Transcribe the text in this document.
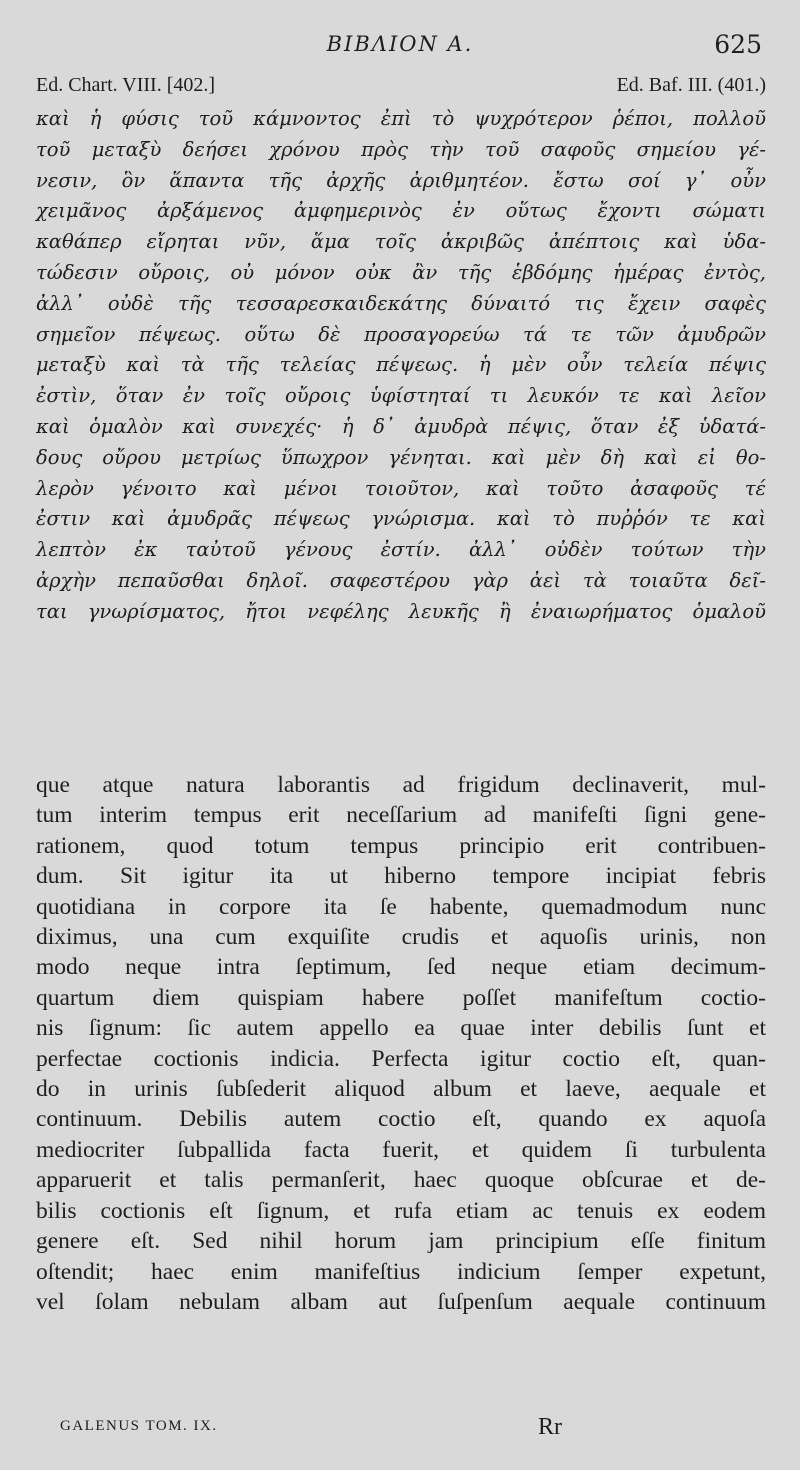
BIBΛION A.	625
Ed. Chart. VIII. [402.]	Ed. Baf. III. (401.)

καὶ ἡ φύσις τοῦ κάμνοντος ἐπὶ τὸ ψυχρότερον ῥέποι, πολλοῦ
τοῦ μεταξὺ δεήσει χρόνου πρὸς τὴν τοῦ σαφοῦς σημείου γέ-
νεσιν, ὃν ἅπαντα τῆς ἀρχῆς ἀριθμητέον. ἔστω σοί γ᾽ οὖν
χειμᾶνος ἀρξάμενος ἀμφημερινὸς ἐν οὕτως ἔχοντι σώματι
καθάπερ εἴρηται νῦν, ἅμα τοῖς ἀκριβῶς ἀπέπτοις καὶ ὑδα-
τώδεσιν οὔροις, οὐ μόνον οὐκ ἂν τῆς ἑβδόμης ἡμέρας ἐντὸς,
ἀλλ᾽ οὐδὲ τῆς τεσσαρεσκαιδεκάτης δύναιτό τις ἔχειν σαφὲς
σημεῖον πέψεως. οὕτω δὲ προσαγορεύω τά τε τῶν ἀμυδρῶν
μεταξὺ καὶ τὰ τῆς τελείας πέψεως. ἡ μὲν οὖν τελεία πέψις
ἐστὶν, ὅταν ἐν τοῖς οὔροις ὑφίστηταί τι λευκόν τε καὶ λεῖον
καὶ ὁμαλὸν καὶ συνεχές· ἡ δ᾽ ἀμυδρὰ πέψις, ὅταν ἐξ ὑδατά-
δους οὔρου μετρίως ὕπωχρον γένηται. καὶ μὲν δὴ καὶ εἰ θο-
λερὸν γένοιτο καὶ μένοι τοιοῦτον, καὶ τοῦτο ἀσαφοῦς τέ
ἐστιν καὶ ἀμυδρᾶς πέψεως γνώρισμα. καὶ τὸ πυῤῥόν τε καὶ
λεπτὸν ἐκ ταὐτοῦ γένους ἐστίν. ἀλλ᾽ οὐδὲν τούτων τὴν
ἀρχὴν πεπαῦσθαι δηλοῖ. σαφεστέρου γὰρ ἀεὶ τὰ τοιαῦτα δεῖ-
ται γνωρίσματος, ἤτοι νεφέλης λευκῆς ἢ ἐναιωρήματος ὁμαλοῦ

que atque natura laborantis ad frigidum declinaverit, mul-
tum interim tempus erit neceſſarium ad manifeſti ſigni gene-
rationem, quod totum tempus principio erit contribuen-
dum. Sit igitur ita ut hiberno tempore incipiat febris
quotidiana in corpore ita ſe habente, quemadmodum nunc
diximus, una cum exquiſite crudis et aquoſis urinis, non
modo neque intra ſeptimum, ſed neque etiam decimum-
quartum diem quispiam habere poſſet manifeſtum coctio-
nis ſignum: ſic autem appello ea quae inter debilis ſunt et
perfectae coctionis indicia. Perfecta igitur coctio eſt, quan-
do in urinis ſubſederit aliquod album et laeve, aequale et
continuum. Debilis autem coctio eſt, quando ex aquoſa
mediocriter ſubpallida facta fuerit, et quidem ſi turbulenta
apparuerit et talis permanſerit, haec quoque obſcurae et de-
bilis coctionis eſt ſignum, et rufa etiam ac tenuis ex eodem
genere eſt. Sed nihil horum jam principium eſſe finitum
oſtendit; haec enim manifeſtius indicium ſemper expetunt,
vel ſolam nebulam albam aut ſuſpenſum aequale continuum

GALENUS TOM. IX.	Rr
